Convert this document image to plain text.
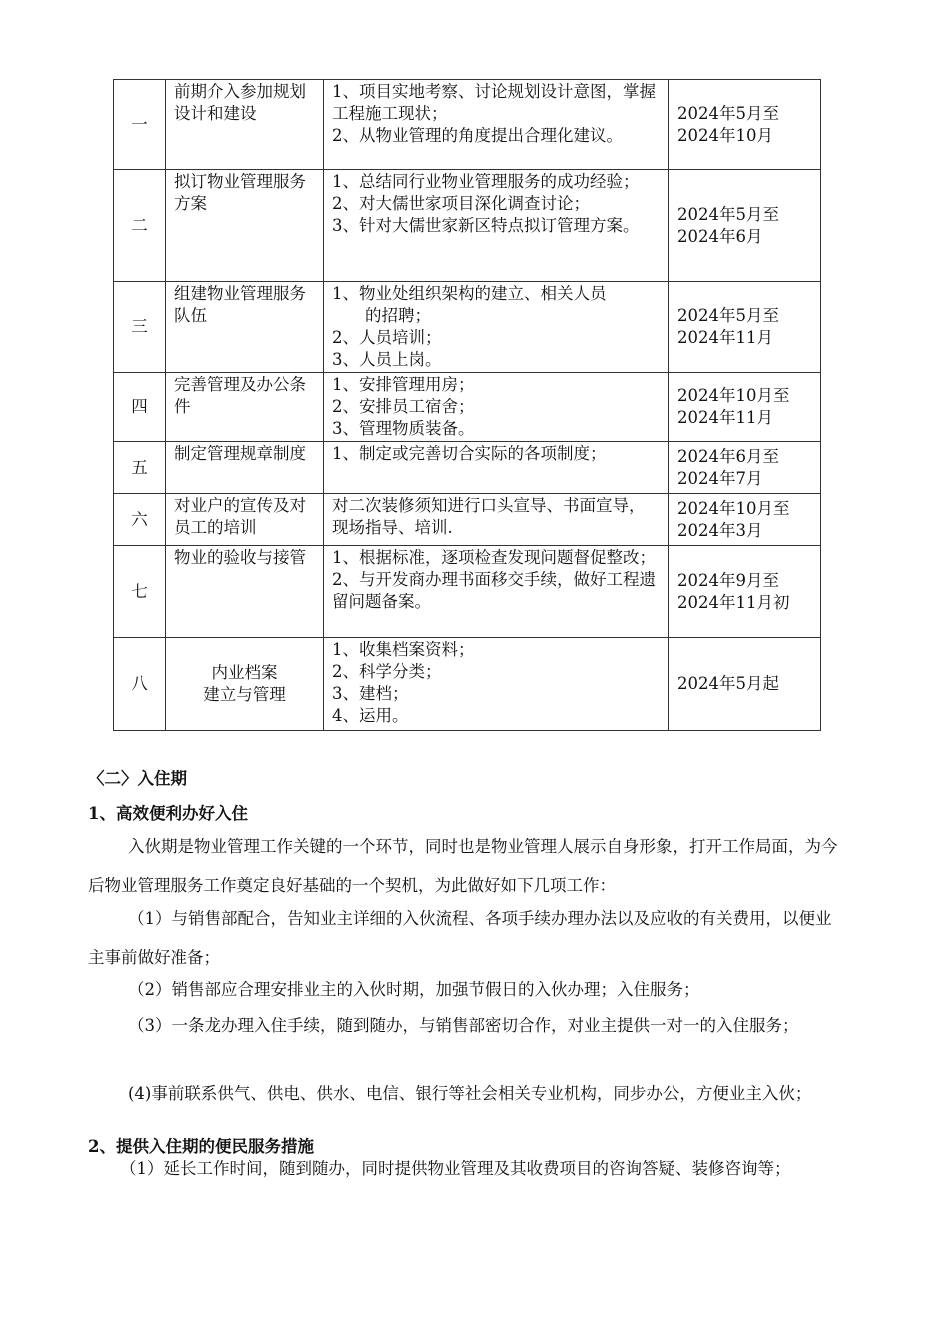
一	前期介入参加规划设计和建设	1、项目实地考察、讨论规划设计意图，掌握工程施工现状；
2、从物业管理的角度提出合理化建议。	2024年5月至
2024年10月

二	拟订物业管理服务方案	1、总结同行业物业管理服务的成功经验；
2、对大儒世家项目深化调查讨论；
3、针对大儒世家新区特点拟订管理方案。	2024年5月至
2024年6月

三	组建物业管理服务队伍	1、物业处组织架构的建立、相关人员
的招聘；
2、人员培训；
3、人员上岗。	2024年5月至
2024年11月

四	完善管理及办公条件	1、安排管理用房；
2、安排员工宿舍；
3、管理物质装备。	2024年10月至
2024年11月

五	制定管理规章制度	1、制定或完善切合实际的各项制度；	2024年6月至
2024年7月

六	对业户的宣传及对员工的培训	对二次装修须知进行口头宣导、书面宣导，现场指导、培训.	2024年10月至
2024年3月

七	物业的验收与接管	1、根据标准，逐项检查发现问题督促整改；
2、与开发商办理书面移交手续，做好工程遗留问题备案。	2024年9月至
2024年11月初

八	内业档案
建立与管理	1、收集档案资料；
2、科学分类；
3、建档；
4、运用。	2024年5月起
〈二〉入住期
1、高效便利办好入住
入伙期是物业管理工作关键的一个环节，同时也是物业管理人展示自身形象，打开工作局面，为今后物业管理服务工作奠定良好基础的一个契机，为此做好如下几项工作：
（1）与销售部配合，告知业主详细的入伙流程、各项手续办理办法以及应收的有关费用，以便业主事前做好准备；
（2）销售部应合理安排业主的入伙时期，加强节假日的入伙办理；入住服务；
（3）一条龙办理入住手续，随到随办，与销售部密切合作，对业主提供一对一的入住服务；
(4)事前联系供气、供电、供水、电信、银行等社会相关专业机构，同步办公，方便业主入伙；
2、提供入住期的便民服务措施
（1）延长工作时间，随到随办，同时提供物业管理及其收费项目的咨询答疑、装修咨询等；
